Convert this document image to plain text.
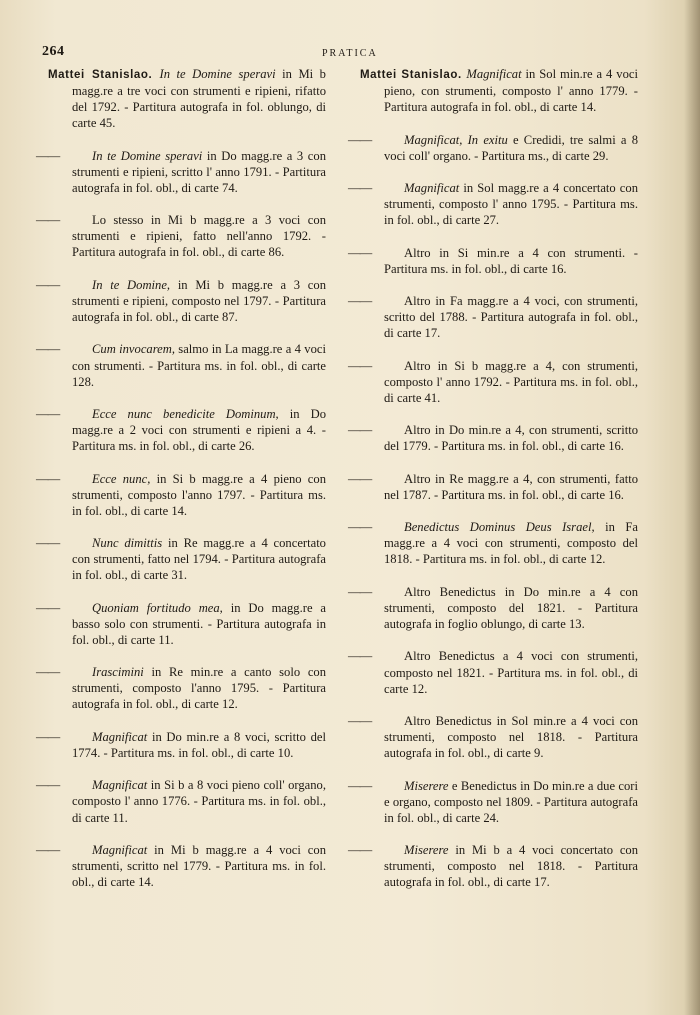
264	PRATICA

Mattei Stanislao. In te Domine speravi in Mi b magg.re a tre voci con strumenti e ripieni, rifatto del 1792. - Partitura autografa in fol. oblungo, di carte 45.

——	In te Domine speravi in Do magg.re a 3 con strumenti e ripieni, scritto l' anno 1791. - Partitura autografa in fol. obl., di carte 74.

——	Lo stesso in Mi b magg.re a 3 voci con strumenti e ripieni, fatto nell'anno 1792. - Partitura autografa in fol. obl., di carte 86.

——	In te Domine, in Mi b magg.re a 3 con strumenti e ripieni, composto nel 1797. - Partitura autografa in fol. obl., di carte 87.

——	Cum invocarem, salmo in La magg.re a 4 voci con strumenti. - Partitura ms. in fol. obl., di carte 128.

——	Ecce nunc benedicite Dominum, in Do magg.re a 2 voci con strumenti e ripieni a 4. - Partitura ms. in fol. obl., di carte 26.

——	Ecce nunc, in Si b magg.re a 4 pieno con strumenti, composto l'anno 1797. - Partitura ms. in fol. obl., di carte 14.

——	Nunc dimittis in Re magg.re a 4 concertato con strumenti, fatto nel 1794. - Partitura autografa in fol. obl., di carte 31.

——	Quoniam fortitudo mea, in Do magg.re a basso solo con strumenti. - Partitura autografa in fol. obl., di carte 11.

——	Irascimini in Re min.re a canto solo con strumenti, composto l'anno 1795. - Partitura autografa in fol. obl., di carte 12.

——	Magnificat in Do min.re a 8 voci, scritto del 1774. - Partitura ms. in fol. obl., di carte 10.

——	Magnificat in Si b a 8 voci pieno coll' organo, composto l' anno 1776. - Partitura ms. in fol. obl., di carte 11.

——	Magnificat in Mi b magg.re a 4 voci con strumenti, scritto nel 1779. - Partitura ms. in fol. obl., di carte 14.

Mattei Stanislao. Magnificat in Sol min.re a 4 voci pieno, con strumenti, composto l' anno 1779. - Partitura autografa in fol. obl., di carte 14.

——	Magnificat, In exitu e Credidi, tre salmi a 8 voci coll' organo. - Partitura ms., di carte 29.

——	Magnificat in Sol magg.re a 4 concertato con strumenti, composto l' anno 1795. - Partitura ms. in fol. obl., di carte 27.

——	Altro in Si min.re a 4 con strumenti. - Partitura ms. in fol. obl., di carte 16.

——	Altro in Fa magg.re a 4 voci, con strumenti, scritto del 1788. - Partitura autografa in fol. obl., di carte 17.

——	Altro in Si b magg.re a 4, con strumenti, composto l' anno 1792. - Partitura ms. in fol. obl., di carte 41.

——	Altro in Do min.re a 4, con strumenti, scritto del 1779. - Partitura ms. in fol. obl., di carte 16.

——	Altro in Re magg.re a 4, con strumenti, fatto nel 1787. - Partitura ms. in fol. obl., di carte 16.

——	Benedictus Dominus Deus Israel, in Fa magg.re a 4 voci con strumenti, composto del 1818. - Partitura ms. in fol. obl., di carte 12.

——	Altro Benedictus in Do min.re a 4 con strumenti, composto del 1821. - Partitura autografa in foglio oblungo, di carte 13.

——	Altro Benedictus a 4 voci con strumenti, composto nel 1821. - Partitura ms. in fol. obl., di carte 12.

——	Altro Benedictus in Sol min.re a 4 voci con strumenti, composto nel 1818. - Partitura autografa in fol. obl., di carte 9.

——	Miserere e Benedictus in Do min.re a due cori e organo, composto nel 1809. - Partitura autografa in fol. obl., di carte 24.

——	Miserere in Mi b a 4 voci concertato con strumenti, composto nel 1818. - Partitura autografa in fol. obl., di carte 17.
